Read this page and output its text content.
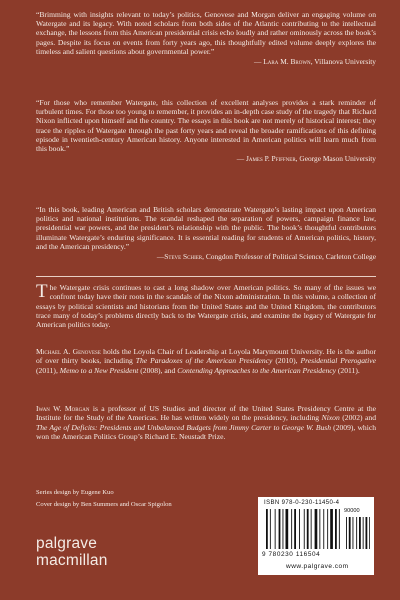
“Brimming with insights relevant to today’s politics, Genovese and Morgan deliver an engaging volume on Watergate and its legacy. With noted scholars from both sides of the Atlantic contributing to the intellectual exchange, the lessons from this American presidential crisis echo loudly and rather ominously across the book’s pages. Despite its focus on events from forty years ago, this thoughtfully edited volume deeply explores the timeless and salient questions about governmental power.”

— Lara M. Brown, Villanova University

“For those who remember Watergate, this collection of excellent analyses provides a stark reminder of turbulent times. For those too young to remember, it provides an in-depth case study of the tragedy that Richard Nixon inflicted upon himself and the country. The essays in this book are not merely of historical interest; they trace the ripples of Watergate through the past forty years and reveal the broader ramifications of this defining episode in twentieth-century American history. Anyone interested in American politics will learn much from this book.”

— James P. Pfiffner, George Mason University

“In this book, leading American and British scholars demonstrate Watergate’s lasting impact upon American politics and national institutions. The scandal reshaped the separation of powers, campaign finance law, presidential war powers, and the president’s relationship with the public. The book’s thoughtful contributors illuminate Watergate’s enduring significance. It is essential reading for students of American politics, history, and the American presidency.”

—Steve Schier, Congdon Professor of Political Science, Carleton College

The Watergate crisis continues to cast a long shadow over American politics. So many of the issues we confront today have their roots in the scandals of the Nixon administration. In this volume, a collection of essays by political scientists and historians from the United States and the United Kingdom, the contributors trace many of today’s problems directly back to the Watergate crisis, and examine the legacy of Watergate for American politics today.

Michael A. Genovese holds the Loyola Chair of Leadership at Loyola Marymount University. He is the author of over thirty books, including The Paradoxes of the American Presidency (2010), Presidential Prerogative (2011), Memo to a New President (2008), and Contending Approaches to the American Presidency (2011).

Iwan W. Morgan is a professor of US Studies and director of the United States Presidency Centre at the Institute for the Study of the Americas. He has written widely on the presidency, including Nixon (2002) and The Age of Deficits: Presidents and Unbalanced Budgets from Jimmy Carter to George W. Bush (2009), which won the American Politics Group’s Richard E. Neustadt Prize.

Series design by Eugene Kuo
Cover design by Ben Summers and Oscar Spigolon
palgrave
macmillan
ISBN 978-0-230-11450-4
90000
9 780230 116504
www.palgrave.com
